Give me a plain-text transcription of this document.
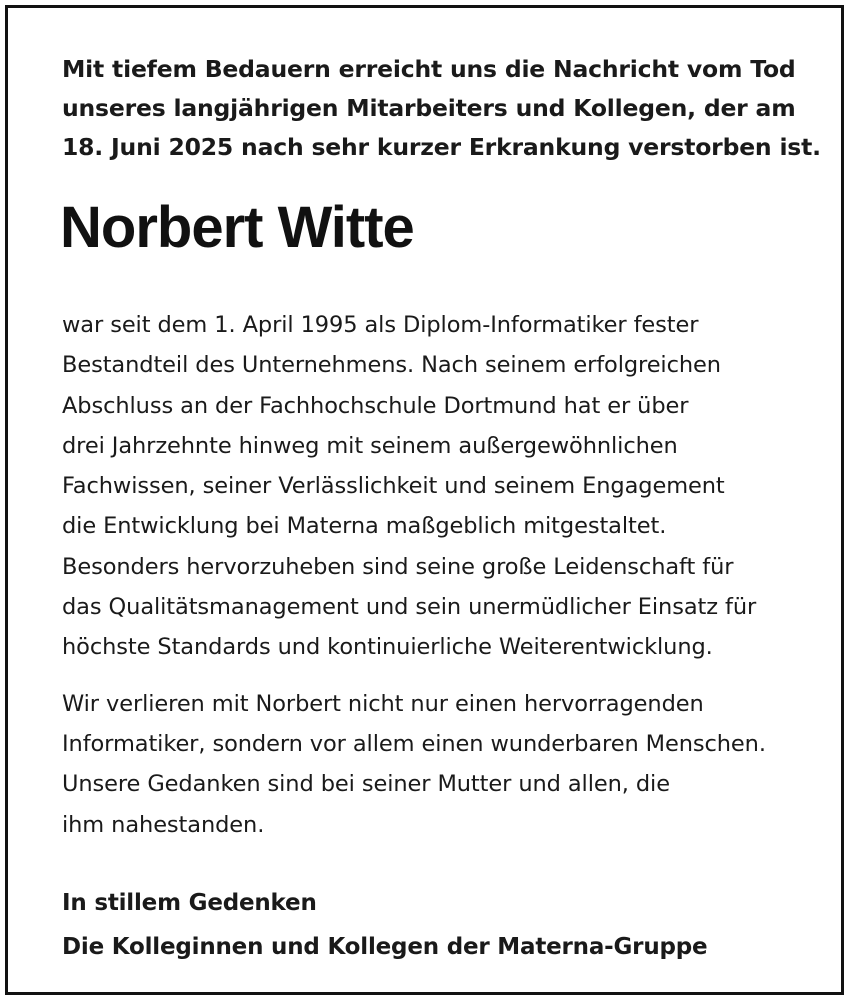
Mit tiefem Bedauern erreicht uns die Nachricht vom Tod
unseres langjährigen Mitarbeiters und Kollegen, der am
18. Juni 2025 nach sehr kurzer Erkrankung verstorben ist.

Norbert Witte

war seit dem 1. April 1995 als Diplom-Informatiker fester
Bestandteil des Unternehmens. Nach seinem erfolgreichen
Abschluss an der Fachhochschule Dortmund hat er über
drei Jahrzehnte hinweg mit seinem außergewöhnlichen
Fachwissen, seiner Verlässlichkeit und seinem Engagement
die Entwicklung bei Materna maßgeblich mitgestaltet.
Besonders hervorzuheben sind seine große Leidenschaft für
das Qualitätsmanagement und sein unermüdlicher Einsatz für
höchste Standards und kontinuierliche Weiterentwicklung.

Wir verlieren mit Norbert nicht nur einen hervorragenden
Informatiker, sondern vor allem einen wunderbaren Menschen.
Unsere Gedanken sind bei seiner Mutter und allen, die
ihm nahestanden.

In stillem Gedenken
Die Kolleginnen und Kollegen der Materna-Gruppe
